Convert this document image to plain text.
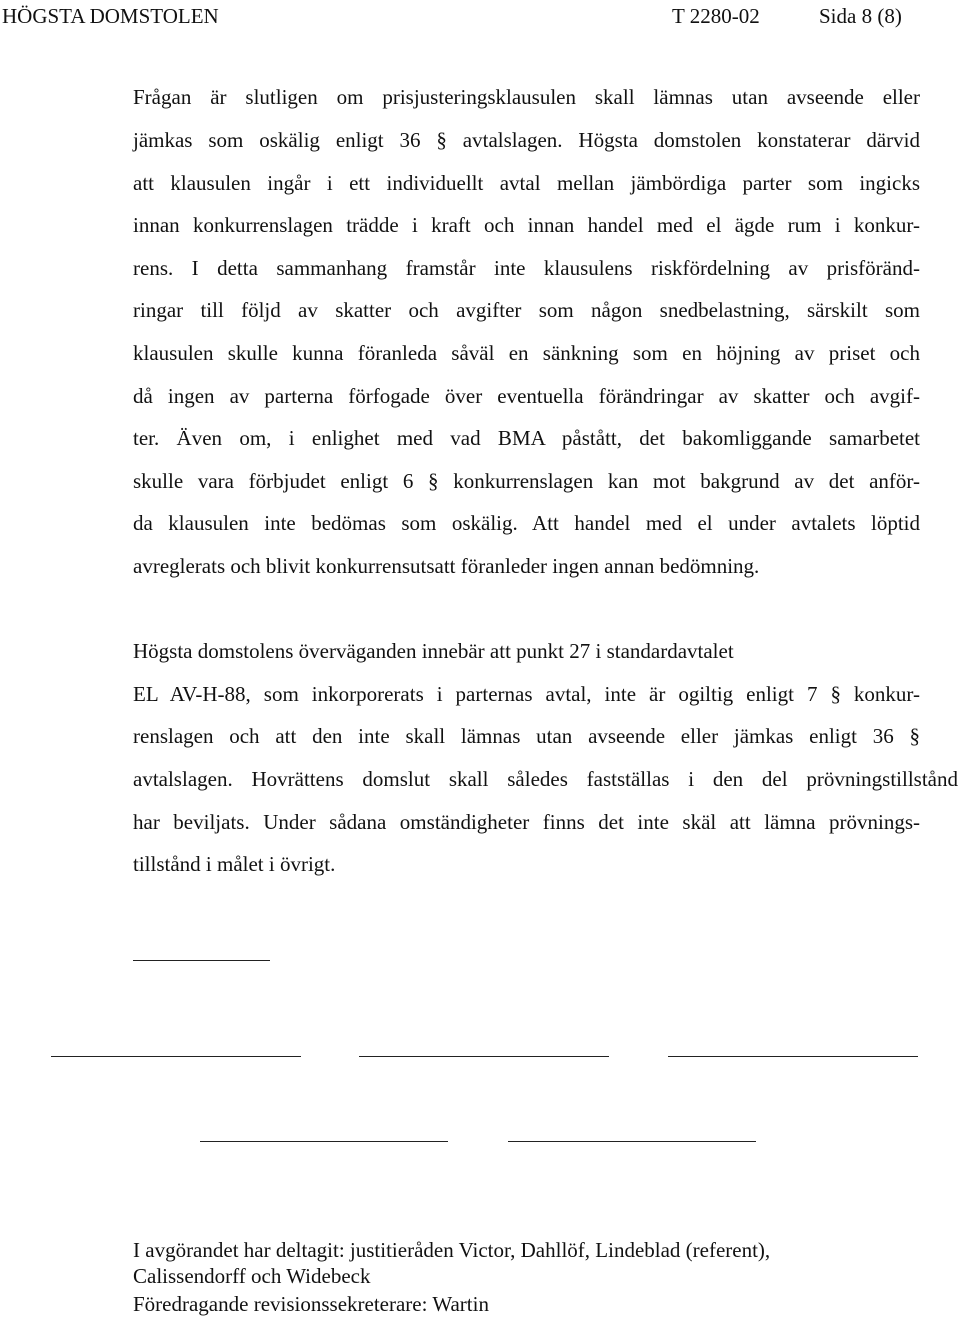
HÖGSTA DOMSTOLEN	T 2280-02	Sida 8 (8)
Frågan är slutligen om prisjusteringsklausulen skall lämnas utan avseende eller
jämkas som oskälig enligt 36 § avtalslagen. Högsta domstolen konstaterar därvid
att klausulen ingår i ett individuellt avtal mellan jämbördiga parter som ingicks
innan konkurrenslagen trädde i kraft och innan handel med el ägde rum i konkur-
rens. I detta sammanhang framstår inte klausulens riskfördelning av prisföränd-
ringar till följd av skatter och avgifter som någon snedbelastning, särskilt som
klausulen skulle kunna föranleda såväl en sänkning som en höjning av priset och
då ingen av parterna förfogade över eventuella förändringar av skatter och avgif-
ter. Även om, i enlighet med vad BMA påstått, det bakomliggande samarbetet
skulle vara förbjudet enligt 6 § konkurrenslagen kan mot bakgrund av det anför-
da klausulen inte bedömas som oskälig. Att handel med el under avtalets löptid
avreglerats och blivit konkurrensutsatt föranleder ingen annan bedömning.
Högsta domstolens överväganden innebär att punkt 27 i standardavtalet
EL AV-H-88, som inkorporerats i parternas avtal, inte är ogiltig enligt 7 § konkur-
renslagen och att den inte skall lämnas utan avseende eller jämkas enligt 36 §
avtalslagen. Hovrättens domslut skall således fastställas i den del prövningstillstånd
har beviljats. Under sådana omständigheter finns det inte skäl att lämna prövnings-
tillstånd i målet i övrigt.
I avgörandet har deltagit: justitieråden Victor, Dahllöf, Lindeblad (referent),
Calissendorff och Widebeck
Föredragande revisionssekreterare: Wartin
